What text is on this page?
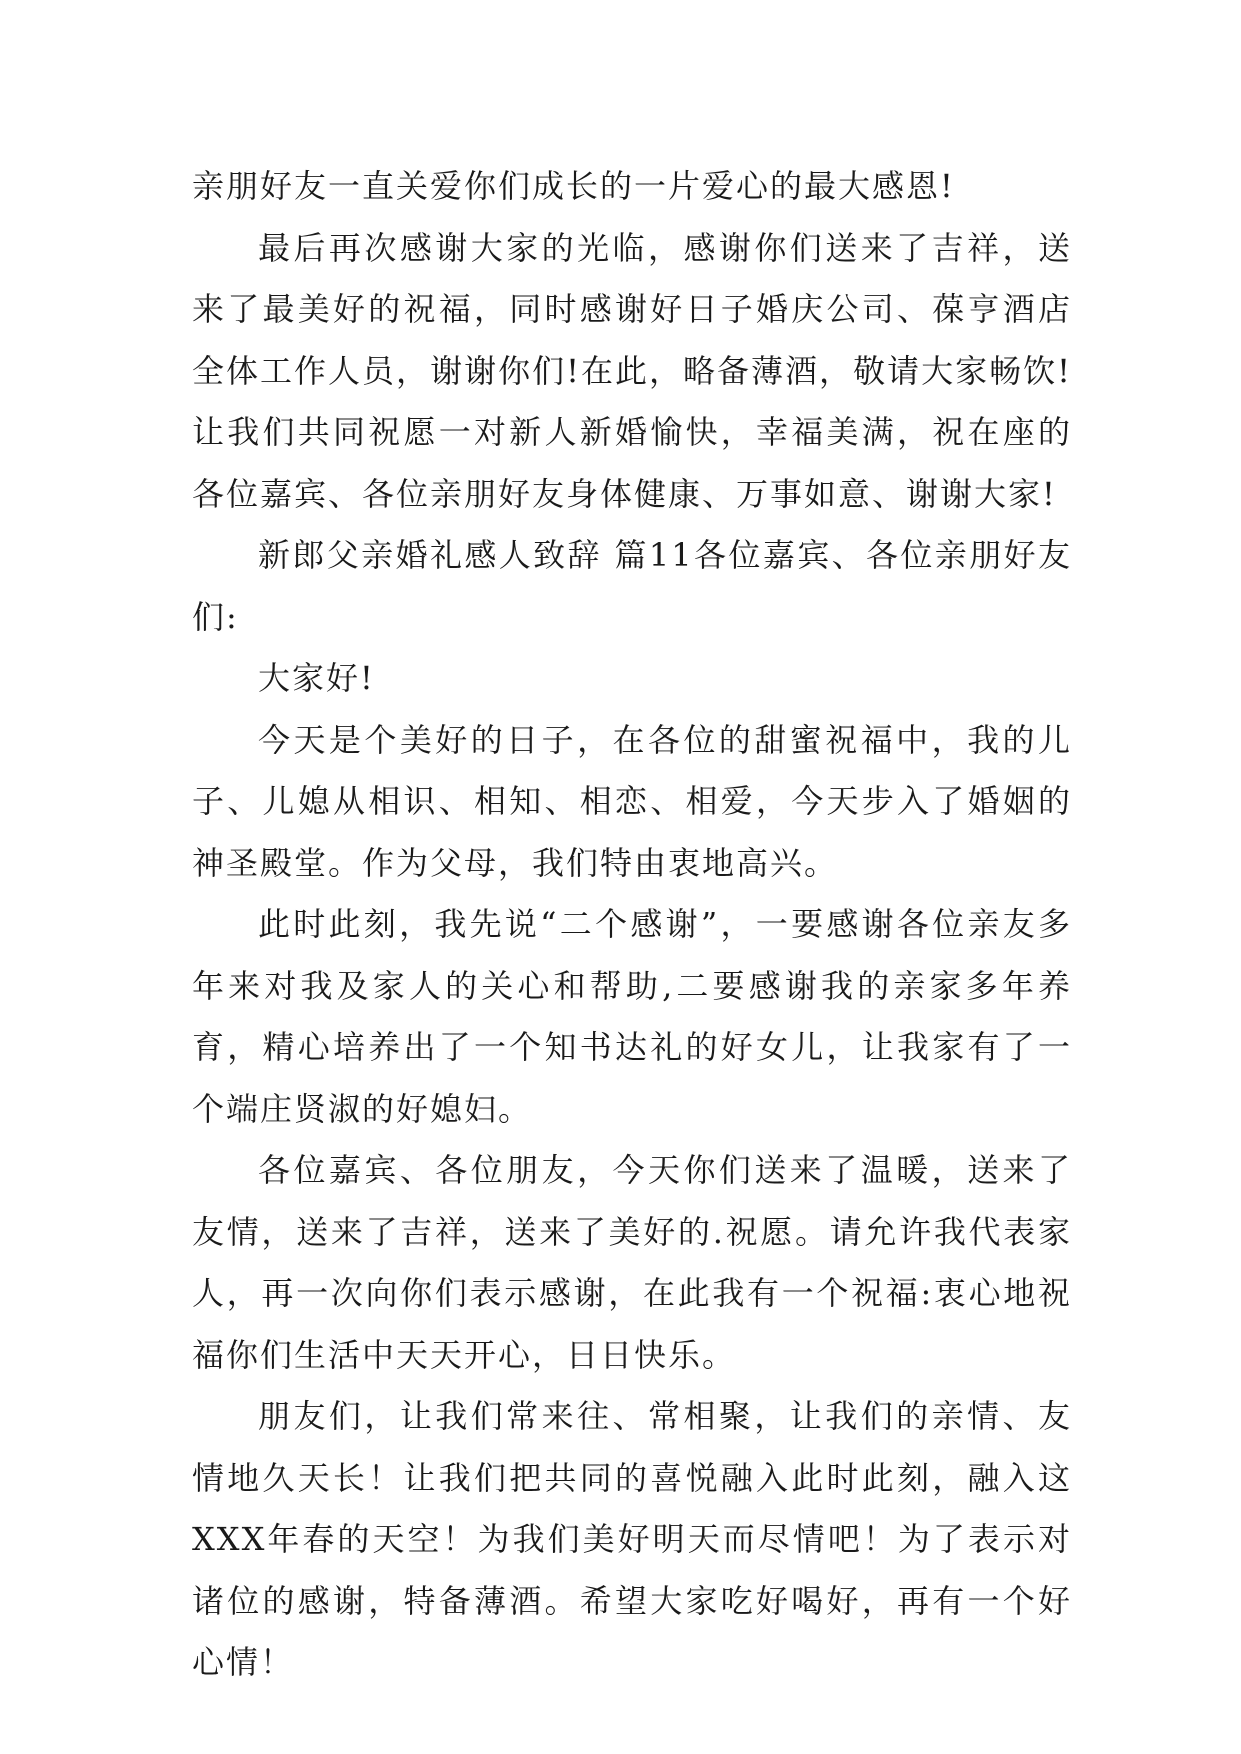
亲朋好友一直关爱你们成长的一片爱心的最大感恩!

最后再次感谢大家的光临，感谢你们送来了吉祥，送来了最美好的祝福，同时感谢好日子婚庆公司、葆亨酒店全体工作人员，谢谢你们!在此，略备薄酒，敬请大家畅饮!让我们共同祝愿一对新人新婚愉快，幸福美满，祝在座的各位嘉宾、各位亲朋好友身体健康、万事如意、谢谢大家!

新郎父亲婚礼感人致辞 篇11各位嘉宾、各位亲朋好友们:

大家好!

今天是个美好的日子，在各位的甜蜜祝福中，我的儿子、儿媳从相识、相知、相恋、相爱，今天步入了婚姻的神圣殿堂。作为父母，我们特由衷地高兴。

此时此刻，我先说“二个感谢”，一要感谢各位亲友多年来对我及家人的关心和帮助,二要感谢我的亲家多年养育，精心培养出了一个知书达礼的好女儿，让我家有了一个端庄贤淑的好媳妇。

各位嘉宾、各位朋友，今天你们送来了温暖，送来了友情，送来了吉祥，送来了美好的.祝愿。请允许我代表家人，再一次向你们表示感谢，在此我有一个祝福:衷心地祝福你们生活中天天开心，日日快乐。

朋友们，让我们常来往、常相聚，让我们的亲情、友情地久天长！让我们把共同的喜悦融入此时此刻，融入这XXX年春的天空！为我们美好明天而尽情吧！为了表示对诸位的感谢，特备薄酒。希望大家吃好喝好，再有一个好心情！
